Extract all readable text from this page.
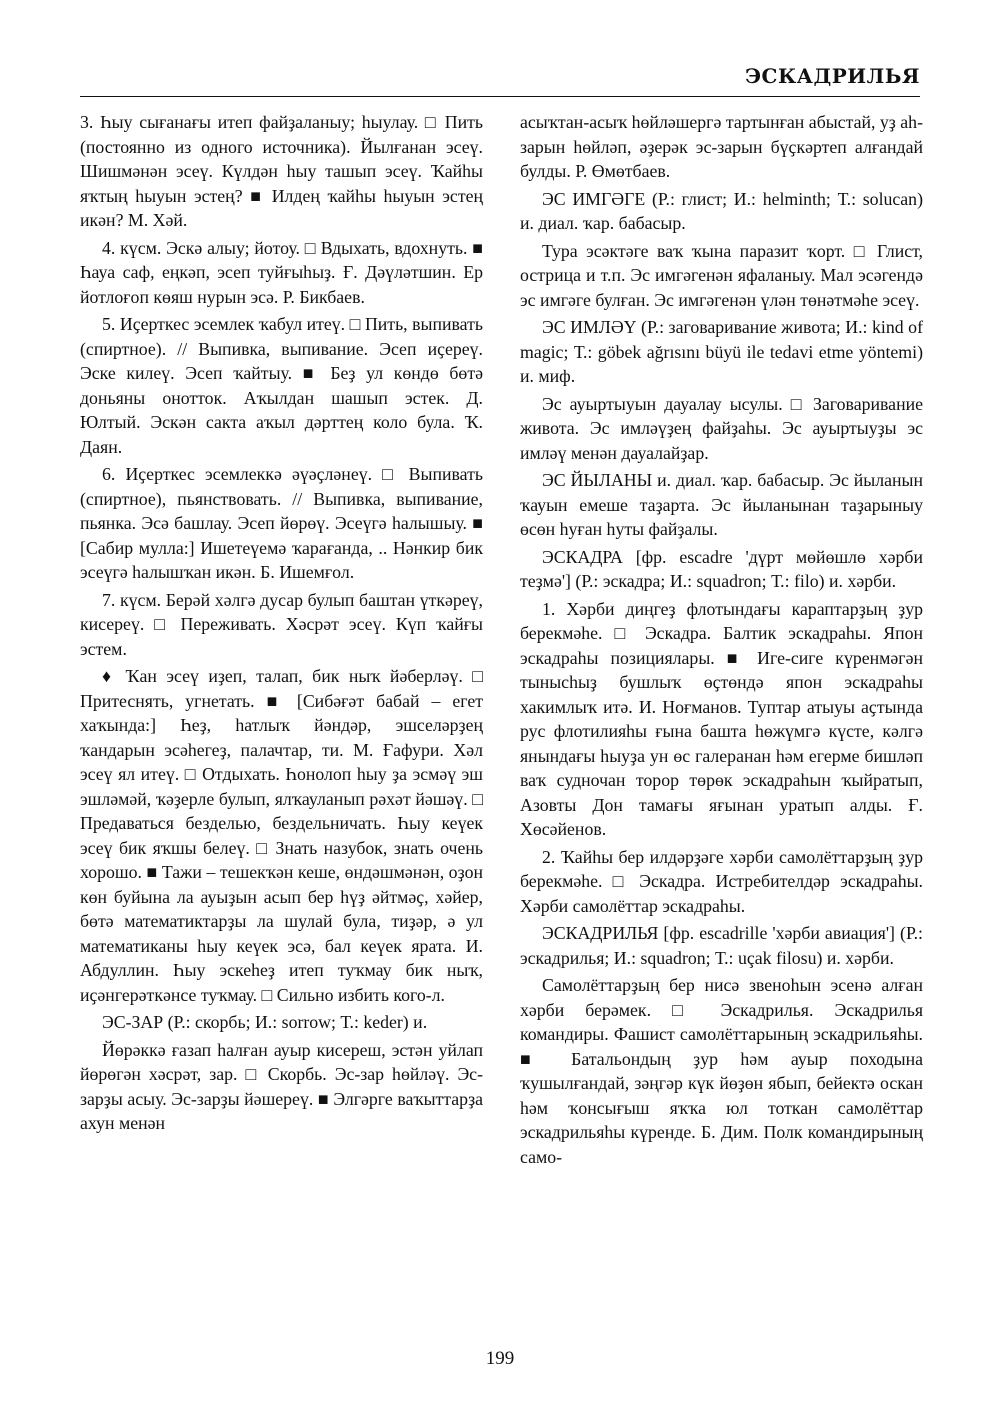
ЭСКАДРИЛЬЯ

3. Һыу сығанағы итеп файҙаланыу; һыулау. □ Пить (постоянно из одного источника). Йылғанан эсеү. Шишмәнән эсеү. Күлдән һыу ташып эсеү. Ҡайһы яҡтың һыуын эстең? ■ Илдең ҡайһы һыуын эстең икән? М. Хәй.

4. күсм. Эскә алыу; йотоу. □ Вдыхать, вдохнуть. ■ Һауа саф, еңкәп, эсеп туйғыһыҙ. Ғ. Дәүләтшин. Ер йотлоғоп көяш нурын эсә. Р. Бикбаев.

5. Иҫерткес эсемлек ҡабул итеү. □ Пить, выпивать (спиртное). // Выпивка, выпивание. Эсеп иҫереү. Эске килеү. Эсеп ҡайтыу. ■ Беҙ ул көндө бөтә доньяны онотток. Аҡылдан шашып эстек. Д. Юлтый. Эскән сакта аҡыл дәрттең коло була. Ҡ. Даян.

6. Иҫерткес эсемлеккә әүәҫләнеү. □ Выпивать (спиртное), пьянствовать. // Выпивка, выпивание, пьянка. Эсә башлау. Эсеп йөрөү. Эсеүгә һалышыу. ■ [Сабир мулла:] Ишетеүемә ҡарағанда, .. Нәнкир бик эсеүгә һалышҡан икән. Б. Ишемғол.

7. күсм. Берәй хәлгә дусар булып баштан үткәреү, кисереү. □ Переживать. Хәсрәт эсеү. Күп ҡайғы эстем.

♦ Ҡан эсеү иҙеп, талап, бик ныҡ йәберләү. □ Притеснять, угнетать. ■ [Сибәғәт бабай – егет хаҡында:] Һеҙ, һатлыҡ йәндәр, эшселәрҙең ҡандарын эсәһегеҙ, палачтар, ти. М. Ғафури. Хәл эсеү ял итеү. □ Отдыхать. Һонолоп һыу ҙа эсмәү эш эшләмәй, ҡәҙерле булып, ялҡауланып рәхәт йәшәү. □ Предаваться безделью, бездельничать. Һыу кеүек эсеү бик яҡшы белеү. □ Знать назубок, знать очень хорошо. ■ Тажи – тешекҡән кеше, өндәшмәнән, оҙон көн буйына ла ауыҙын асып бер һүҙ әйтмәҫ, хәйер, бөтә математиктарҙы ла шулай була, тиҙәр, ә ул математиканы һыу кеүек эсә, бал кеүек ярата. И. Абдуллин. Һыу эскеһеҙ итеп туҡмау бик ныҡ, иҫәнгерәткәнсе туҡмау. □ Сильно избить кого-л.

ЭС-ЗАР (Р.: скорбь; И.: sorrow; Т.: keder) и.

Йөрәккә ғазап һалған ауыр кисереш, эстән уйлап йөрөгән хәсрәт, зар. □ Скорбь. Эс-зар һөйләү. Эс-зарҙы асыу. Эс-зарҙы йәшереү. ■ Элгәрге ваҡыттарҙа ахун менән

асыҡтан-асыҡ һөйләшергә тартынған абыстай, уҙ ah-зарын һөйләп, әҙерәк эс-зарын бүҫкәртеп алғандай булды. Р. Өмөтбаев.

ЭС ИМГӘГЕ (Р.: глист; И.: helminth; Т.: solucan) и. диал. ҡар. бабасыр.

Тура эсәктәге ваҡ ҡына паразит ҡорт. □ Глист, острица и т.п. Эс имгәгенән яфаланыу. Мал эсәгендә эс имгәге булған. Эс имгәгенән үлән төнәтмәһе эсеү.

ЭС ИМЛӘҮ (Р.: заговаривание живота; И.: kind of magic; Т.: göbek ağrısını büyü ile tedavi etme yöntemi) и. миф.

Эс ауыртыуын дауалау ысулы. □ Заговаривание живота. Эс имләүҙең файҙаһы. Эс ауыртыуҙы эс имләү менән дауалайҙар.

ЭС ЙЫЛАНЫ и. диал. ҡар. бабасыр. Эс йыланын ҡауын емеше таҙарта. Эс йыланынан таҙарыныу өсөн һуған һуты файҙалы.

ЭСКАДРА [фр. escadre 'дүрт мөйөшлө хәрби теҙмә'] (Р.: эскадра; И.: squadron; Т.: filo) и. хәрби.

1. Хәрби диңгеҙ флотындағы караптарҙың ҙур берекмәһе. □ Эскадра. Балтик эскадраһы. Япон эскадраһы позициялары. ■ Иге-сиге күренмәгән тынысһыҙ бушлыҡ өҫтөндә япон эскадраһы хакимлыҡ итә. И. Ноғманов. Туптар атыуы аҫтында рус флотилияһы ғына башта һөжүмгә күсте, кәлгә янындағы һыуҙа ун өс галеранан һәм егерме бишләп ваҡ судночан торор төрөк эскадраһын ҡыйратып, Азовты Дон тамағы яғынан уратып алды. Ғ. Хөсәйенов.

2. Ҡайһы бер илдәрҙәге хәрби самолёттарҙың ҙур берекмәһе. □ Эскадра. Истребителдәр эскадраһы. Хәрби самолёттар эскадраһы.

ЭСКАДРИЛЬЯ [фр. escadrille 'хәрби авиация'] (Р.: эскадрилья; И.: squadron; Т.: uçak filosu) и. хәрби.

Самолёттарҙың бер нисә звеноһын эсенә алған хәрби берәмек. □ Эскадрилья. Эскадрилья командиры. Фашист самолёттарының эскадрильяһы. ■ Батальондың ҙур һәм ауыр походына ҡушылғандай, зәңгәр күк йөҙөн ябып, бейектә оскан һәм ҡонсығыш яҡҡа юл тоткан самолёттар эскадрильяһы күренде. Б. Дим. Полк командирының само-

199
